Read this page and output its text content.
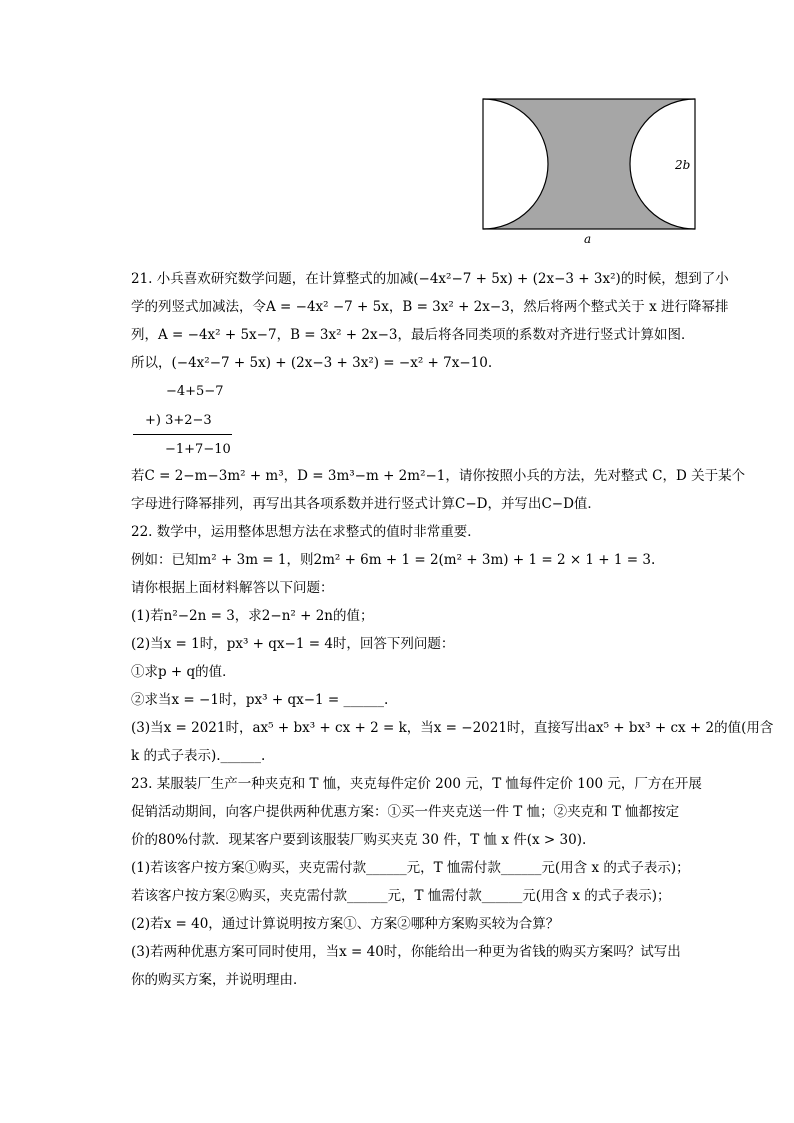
2b
a
21. 小兵喜欢研究数学问题，在计算整式的加减(−4x²−7 + 5x) + (2x−3 + 3x²)的时候，想到了小
学的列竖式加减法，令A = −4x² −7 + 5x，B = 3x² + 2x−3，然后将两个整式关于 x 进行降幂排
列，A = −4x² + 5x−7，B = 3x² + 2x−3，最后将各同类项的系数对齐进行竖式计算如图．
所以，(−4x²−7 + 5x) + (2x−3 + 3x²) = −x² + 7x−10.
−4+5−7
+) 3+2−3
−1+7−10
若C = 2−m−3m² + m³，D = 3m³−m + 2m²−1，请你按照小兵的方法，先对整式 C，D 关于某个
字母进行降幂排列，再写出其各项系数并进行竖式计算C−D，并写出C−D值．
22. 数学中，运用整体思想方法在求整式的值时非常重要．
例如：已知m² + 3m = 1，则2m² + 6m + 1 = 2(m² + 3m) + 1 = 2 × 1 + 1 = 3.
请你根据上面材料解答以下问题：
(1)若n²−2n = 3，求2−n² + 2n的值；
(2)当x = 1时，px³ + qx−1 = 4时，回答下列问题：
①求p + q的值．
②求当x = −1时，px³ + qx−1 = ______.
(3)当x = 2021时，ax⁵ + bx³ + cx + 2 = k，当x = −2021时，直接写出ax⁵ + bx³ + cx + 2的值(用含
k 的式子表示).______.
23. 某服装厂生产一种夹克和 T 恤，夹克每件定价 200 元，T 恤每件定价 100 元，厂方在开展
促销活动期间，向客户提供两种优惠方案：①买一件夹克送一件 T 恤；②夹克和 T 恤都按定
价的80%付款．现某客户要到该服装厂购买夹克 30 件，T 恤 x 件(x > 30).
(1)若该客户按方案①购买，夹克需付款______元，T 恤需付款______元(用含 x 的式子表示)；
若该客户按方案②购买，夹克需付款______元，T 恤需付款______元(用含 x 的式子表示)；
(2)若x = 40，通过计算说明按方案①、方案②哪种方案购买较为合算？
(3)若两种优惠方案可同时使用，当x = 40时，你能给出一种更为省钱的购买方案吗？试写出
你的购买方案，并说明理由．
